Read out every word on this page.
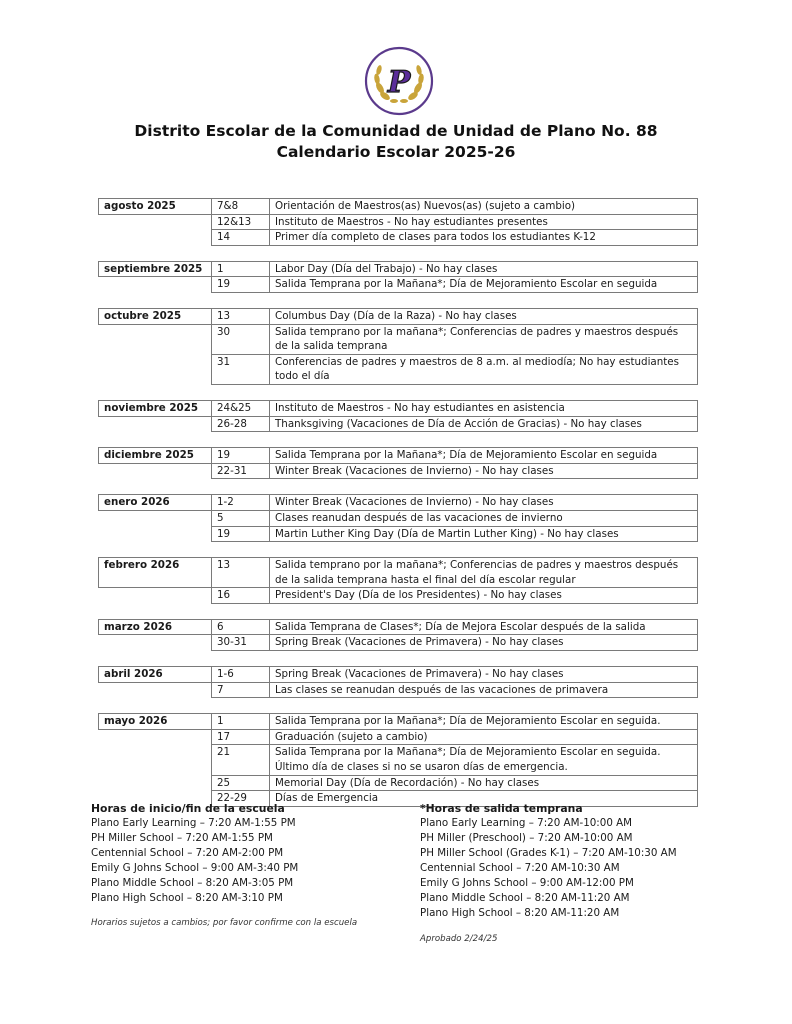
P
Distrito Escolar de la Comunidad de Unidad de Plano No. 88
Calendario Escolar 2025-26
agosto 2025	7&8	Orientación de Maestros(as) Nuevos(as) (sujeto a cambio)
12&13	Instituto de Maestros - No hay estudiantes presentes
14	Primer día completo de clases para todos los estudiantes K-12
septiembre 2025	1	Labor Day (Día del Trabajo) - No hay clases
19	Salida Temprana por la Mañana*; Día de Mejoramiento Escolar en seguida
octubre 2025	13	Columbus Day (Día de la Raza) - No hay clases
30	Salida temprano por la mañana*; Conferencias de padres y maestros después de la salida temprana
31	Conferencias de padres y maestros de 8 a.m. al mediodía; No hay estudiantes todo el día
noviembre 2025	24&25	Instituto de Maestros - No hay estudiantes en asistencia
26-28	Thanksgiving (Vacaciones de Día de Acción de Gracias) - No hay clases
diciembre 2025	19	Salida Temprana por la Mañana*; Día de Mejoramiento Escolar en seguida
22-31	Winter Break (Vacaciones de Invierno) - No hay clases
enero 2026	1-2	Winter Break (Vacaciones de Invierno) - No hay clases
5	Clases reanudan después de las vacaciones de invierno
19	Martin Luther King Day (Día de Martin Luther King) - No hay clases
febrero 2026	13	Salida temprano por la mañana*; Conferencias de padres y maestros después de la salida temprana hasta el final del día escolar regular
16	President's Day (Día de los Presidentes) - No hay clases
marzo 2026	6	Salida Temprana de Clases*; Día de Mejora Escolar después de la salida
30-31	Spring Break (Vacaciones de Primavera) - No hay clases
abril 2026	1-6	Spring Break (Vacaciones de Primavera) - No hay clases
7	Las clases se reanudan después de las vacaciones de primavera
mayo 2026	1	Salida Temprana por la Mañana*; Día de Mejoramiento Escolar en seguida.
17	Graduación (sujeto a cambio)
21	Salida Temprana por la Mañana*; Día de Mejoramiento Escolar en seguida. Último día de clases si no se usaron días de emergencia.
25	Memorial Day (Día de Recordación) - No hay clases
22-29	Días de Emergencia
Horas de inicio/fin de la escuela
Plano Early Learning – 7:20 AM-1:55 PM
PH Miller School – 7:20 AM-1:55 PM
Centennial School – 7:20 AM-2:00 PM
Emily G Johns School – 9:00 AM-3:40 PM
Plano Middle School – 8:20 AM-3:05 PM
Plano High School – 8:20 AM-3:10 PM
Horarios sujetos a cambios; por favor confirme con la escuela
*Horas de salida temprana
Plano Early Learning – 7:20 AM-10:00 AM
PH Miller (Preschool) – 7:20 AM-10:00 AM
PH Miller School (Grades K-1) – 7:20 AM-10:30 AM
Centennial School – 7:20 AM-10:30 AM
Emily G Johns School – 9:00 AM-12:00 PM
Plano Middle School – 8:20 AM-11:20 AM
Plano High School – 8:20 AM-11:20 AM
Aprobado 2/24/25
